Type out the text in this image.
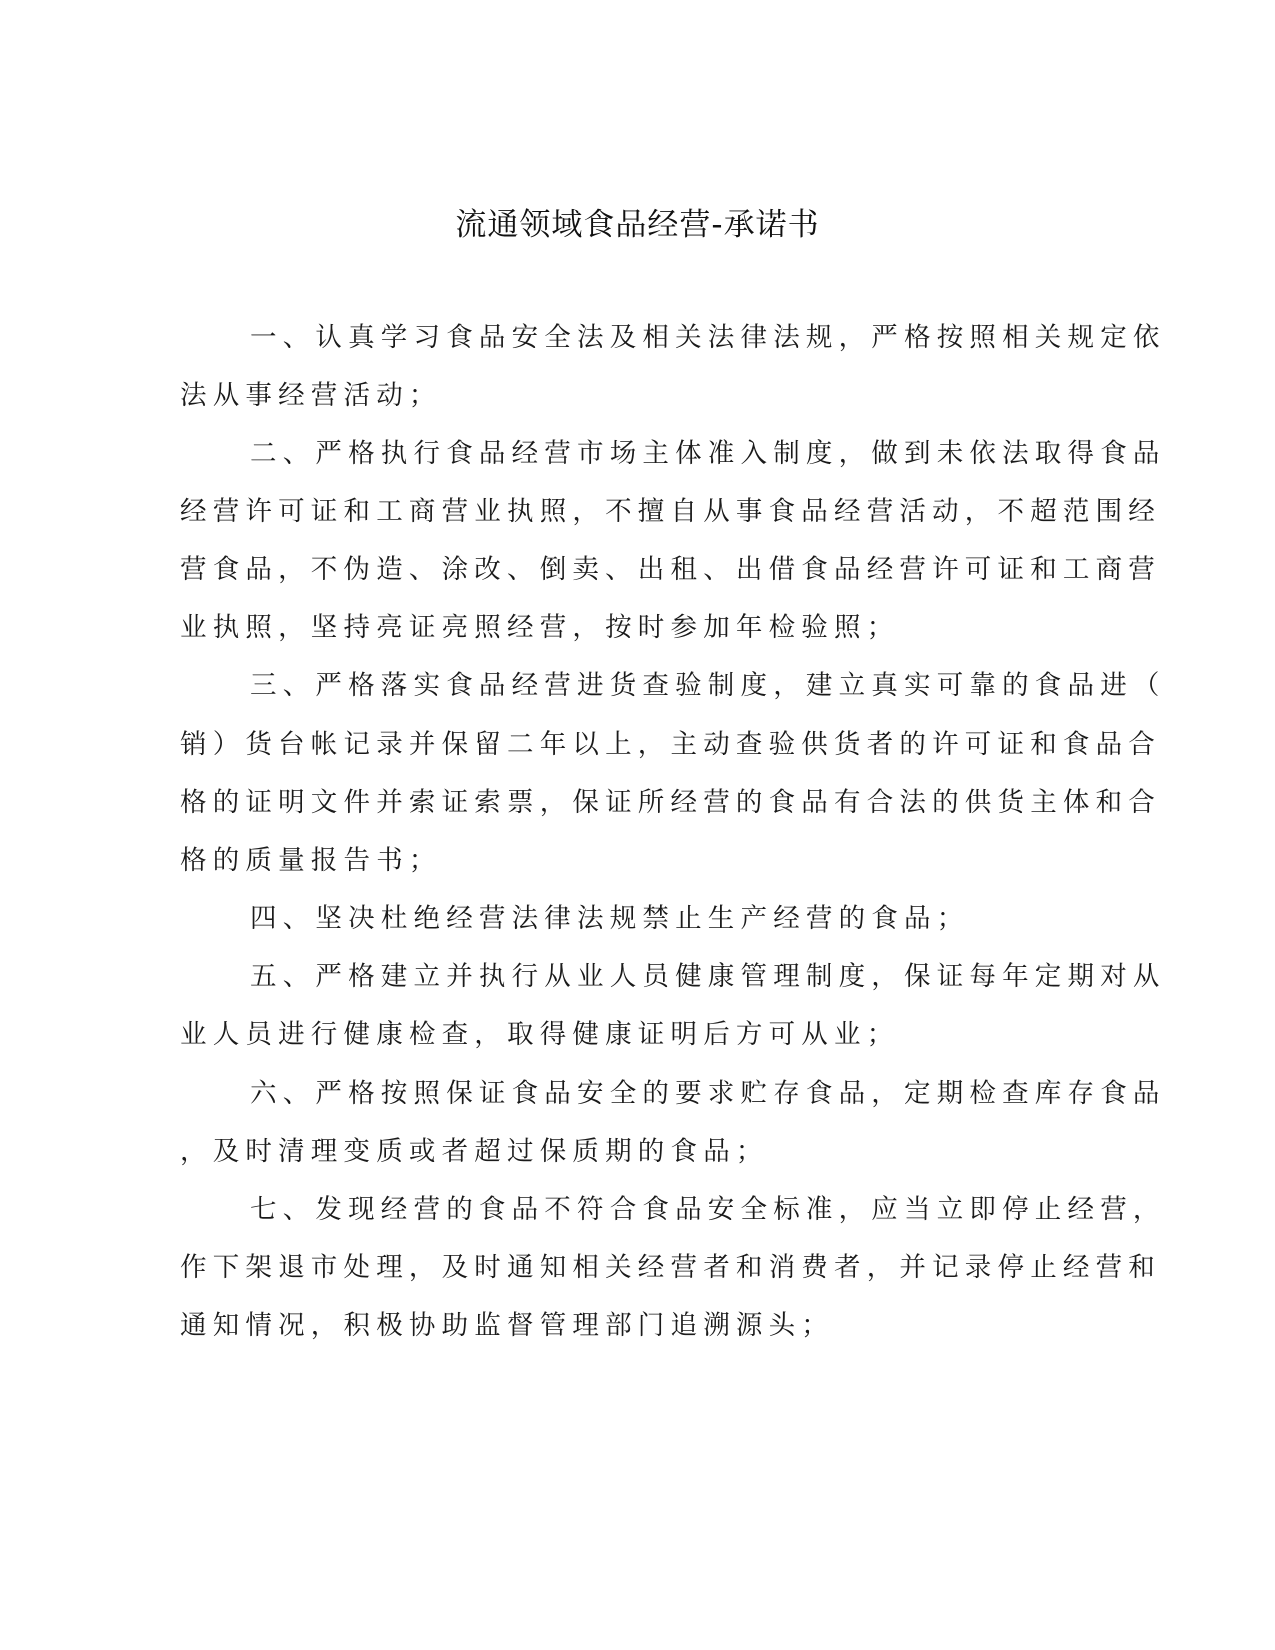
流通领域食品经营-承诺书
一、认真学习食品安全法及相关法律法规，严格按照相关规定依
法从事经营活动；
二、严格执行食品经营市场主体准入制度，做到未依法取得食品
经营许可证和工商营业执照，不擅自从事食品经营活动，不超范围经
营食品，不伪造、涂改、倒卖、出租、出借食品经营许可证和工商营
业执照，坚持亮证亮照经营，按时参加年检验照；
三、严格落实食品经营进货查验制度，建立真实可靠的食品进（
销）货台帐记录并保留二年以上，主动查验供货者的许可证和食品合
格的证明文件并索证索票，保证所经营的食品有合法的供货主体和合
格的质量报告书；
四、坚决杜绝经营法律法规禁止生产经营的食品；
五、严格建立并执行从业人员健康管理制度，保证每年定期对从
业人员进行健康检查，取得健康证明后方可从业；
六、严格按照保证食品安全的要求贮存食品，定期检查库存食品
，及时清理变质或者超过保质期的食品；
七、发现经营的食品不符合食品安全标准，应当立即停止经营，
作下架退市处理，及时通知相关经营者和消费者，并记录停止经营和
通知情况，积极协助监督管理部门追溯源头；
